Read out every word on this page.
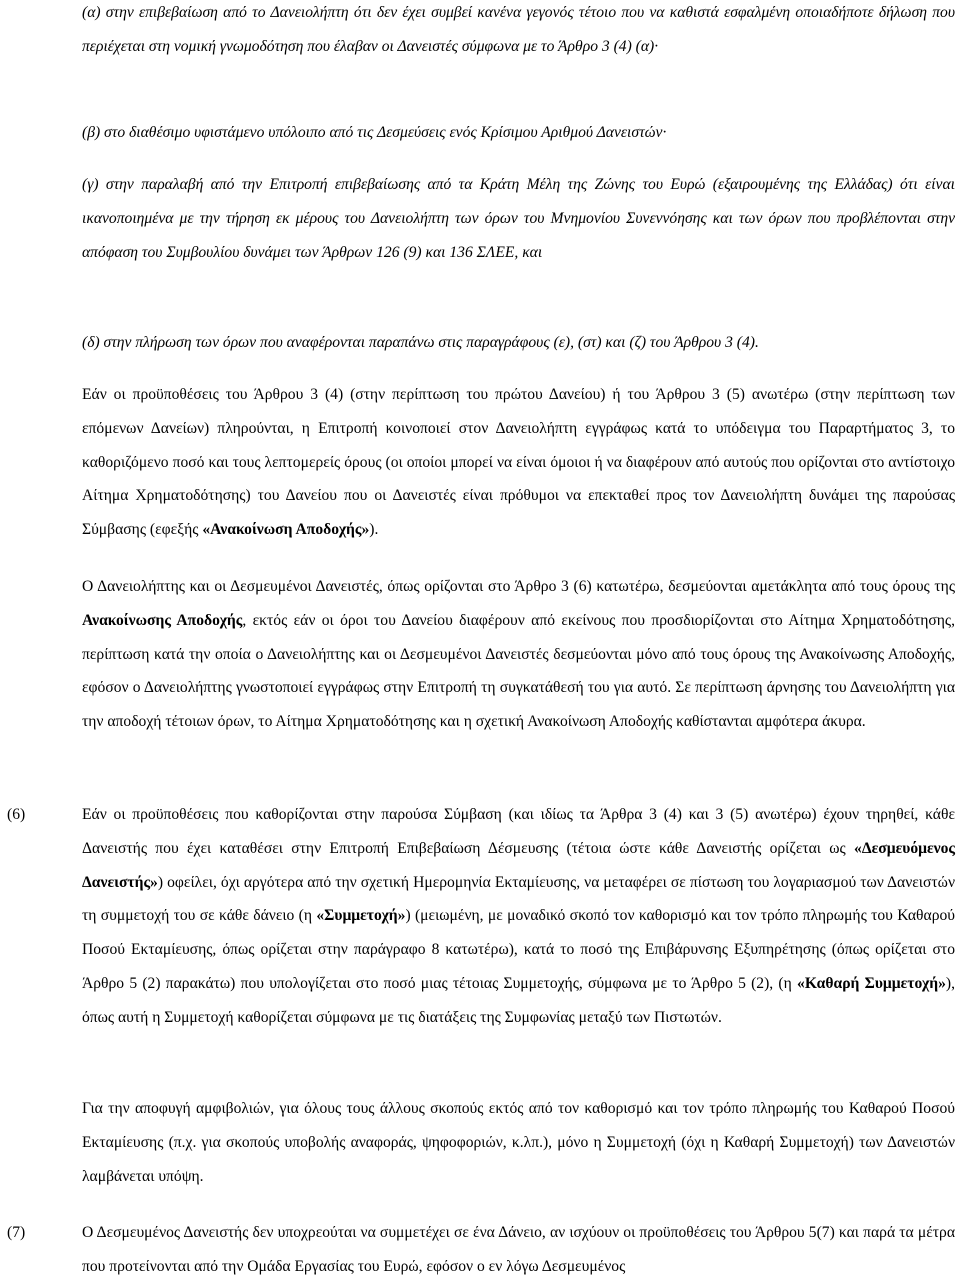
(α) στην επιβεβαίωση από το Δανειολήπτη ότι δεν έχει συμβεί κανένα γεγονός τέτοιο που να καθιστά εσφαλμένη οποιαδήποτε δήλωση που περιέχεται στη νομική γνωμοδότηση που έλαβαν οι Δανειστές σύμφωνα με το Άρθρο 3 (4) (α)·

(β) στο διαθέσιμο υφιστάμενο υπόλοιπο από τις Δεσμεύσεις ενός Κρίσιμου Αριθμού Δανειστών·

(γ) στην παραλαβή από την Επιτροπή επιβεβαίωσης από τα Κράτη Μέλη της Ζώνης του Ευρώ (εξαιρουμένης της Ελλάδας) ότι είναι ικανοποιημένα με την τήρηση εκ μέρους του Δανειολήπτη των όρων του Μνημονίου Συνεννόησης και των όρων που προβλέπονται στην απόφαση του Συμβουλίου δυνάμει των Άρθρων 126 (9) και 136 ΣΛΕΕ, και

(δ) στην πλήρωση των όρων που αναφέρονται παραπάνω στις παραγράφους (ε), (στ) και (ζ) του Άρθρου 3 (4).

Εάν οι προϋποθέσεις του Άρθρου 3 (4) (στην περίπτωση του πρώτου Δανείου) ή του Άρθρου 3 (5) ανωτέρω (στην περίπτωση των επόμενων Δανείων) πληρούνται, η Επιτροπή κοινοποιεί στον Δανειολήπτη εγγράφως κατά το υπόδειγμα του Παραρτήματος 3, το καθοριζόμενο ποσό και τους λεπτομερείς όρους (οι οποίοι μπορεί να είναι όμοιοι ή να διαφέρουν από αυτούς που ορίζονται στο αντίστοιχο Αίτημα Χρηματοδότησης) του Δανείου που οι Δανειστές είναι πρόθυμοι να επεκταθεί προς τον Δανειολήπτη δυνάμει της παρούσας Σύμβασης (εφεξής «Ανακοίνωση Αποδοχής»).

Ο Δανειολήπτης και οι Δεσμευμένοι Δανειστές, όπως ορίζονται στο Άρθρο 3 (6) κατωτέρω, δεσμεύονται αμετάκλητα από τους όρους της Ανακοίνωσης Αποδοχής, εκτός εάν οι όροι του Δανείου διαφέρουν από εκείνους που προσδιορίζονται στο Αίτημα Χρηματοδότησης, περίπτωση κατά την οποία ο Δανειολήπτης και οι Δεσμευμένοι Δανειστές δεσμεύονται μόνο από τους όρους της Ανακοίνωσης Αποδοχής, εφόσον ο Δανειολήπτης γνωστοποιεί εγγράφως στην Επιτροπή τη συγκατάθεσή του για αυτό. Σε περίπτωση άρνησης του Δανειολήπτη για την αποδοχή τέτοιων όρων, το Αίτημα Χρηματοδότησης και η σχετική Ανακοίνωση Αποδοχής καθίστανται αμφότερα άκυρα.

(6)	Εάν οι προϋποθέσεις που καθορίζονται στην παρούσα Σύμβαση (και ιδίως τα Άρθρα 3 (4) και 3 (5) ανωτέρω) έχουν τηρηθεί, κάθε Δανειστής που έχει καταθέσει στην Επιτροπή Επιβεβαίωση Δέσμευσης (τέτοια ώστε κάθε Δανειστής ορίζεται ως «Δεσμευόμενος Δανειστής») οφείλει, όχι αργότερα από την σχετική Ημερομηνία Εκταμίευσης, να μεταφέρει σε πίστωση του λογαριασμού των Δανειστών τη συμμετοχή του σε κάθε δάνειο (η «Συμμετοχή») (μειωμένη, με μοναδικό σκοπό τον καθορισμό και τον τρόπο πληρωμής του Καθαρού Ποσού Εκταμίευσης, όπως ορίζεται στην παράγραφο 8 κατωτέρω), κατά το ποσό της Επιβάρυνσης Εξυπηρέτησης (όπως ορίζεται στο Άρθρο 5 (2) παρακάτω) που υπολογίζεται στο ποσό μιας τέτοιας Συμμετοχής, σύμφωνα με το Άρθρο 5 (2), (η «Καθαρή Συμμετοχή»), όπως αυτή η Συμμετοχή καθορίζεται σύμφωνα με τις διατάξεις της Συμφωνίας μεταξύ των Πιστωτών.

Για την αποφυγή αμφιβολιών, για όλους τους άλλους σκοπούς εκτός από τον καθορισμό και τον τρόπο πληρωμής του Καθαρού Ποσού Εκταμίευσης (π.χ. για σκοπούς υποβολής αναφοράς, ψηφοφοριών, κ.λπ.), μόνο η Συμμετοχή (όχι η Καθαρή Συμμετοχή) των Δανειστών λαμβάνεται υπόψη.

(7)	Ο Δεσμευμένος Δανειστής δεν υποχρεούται να συμμετέχει σε ένα Δάνειο, αν ισχύουν οι προϋποθέσεις του Άρθρου 5(7) και παρά τα μέτρα που προτείνονται από την Ομάδα Εργασίας του Ευρώ, εφόσον ο εν λόγω Δεσμευμένος
